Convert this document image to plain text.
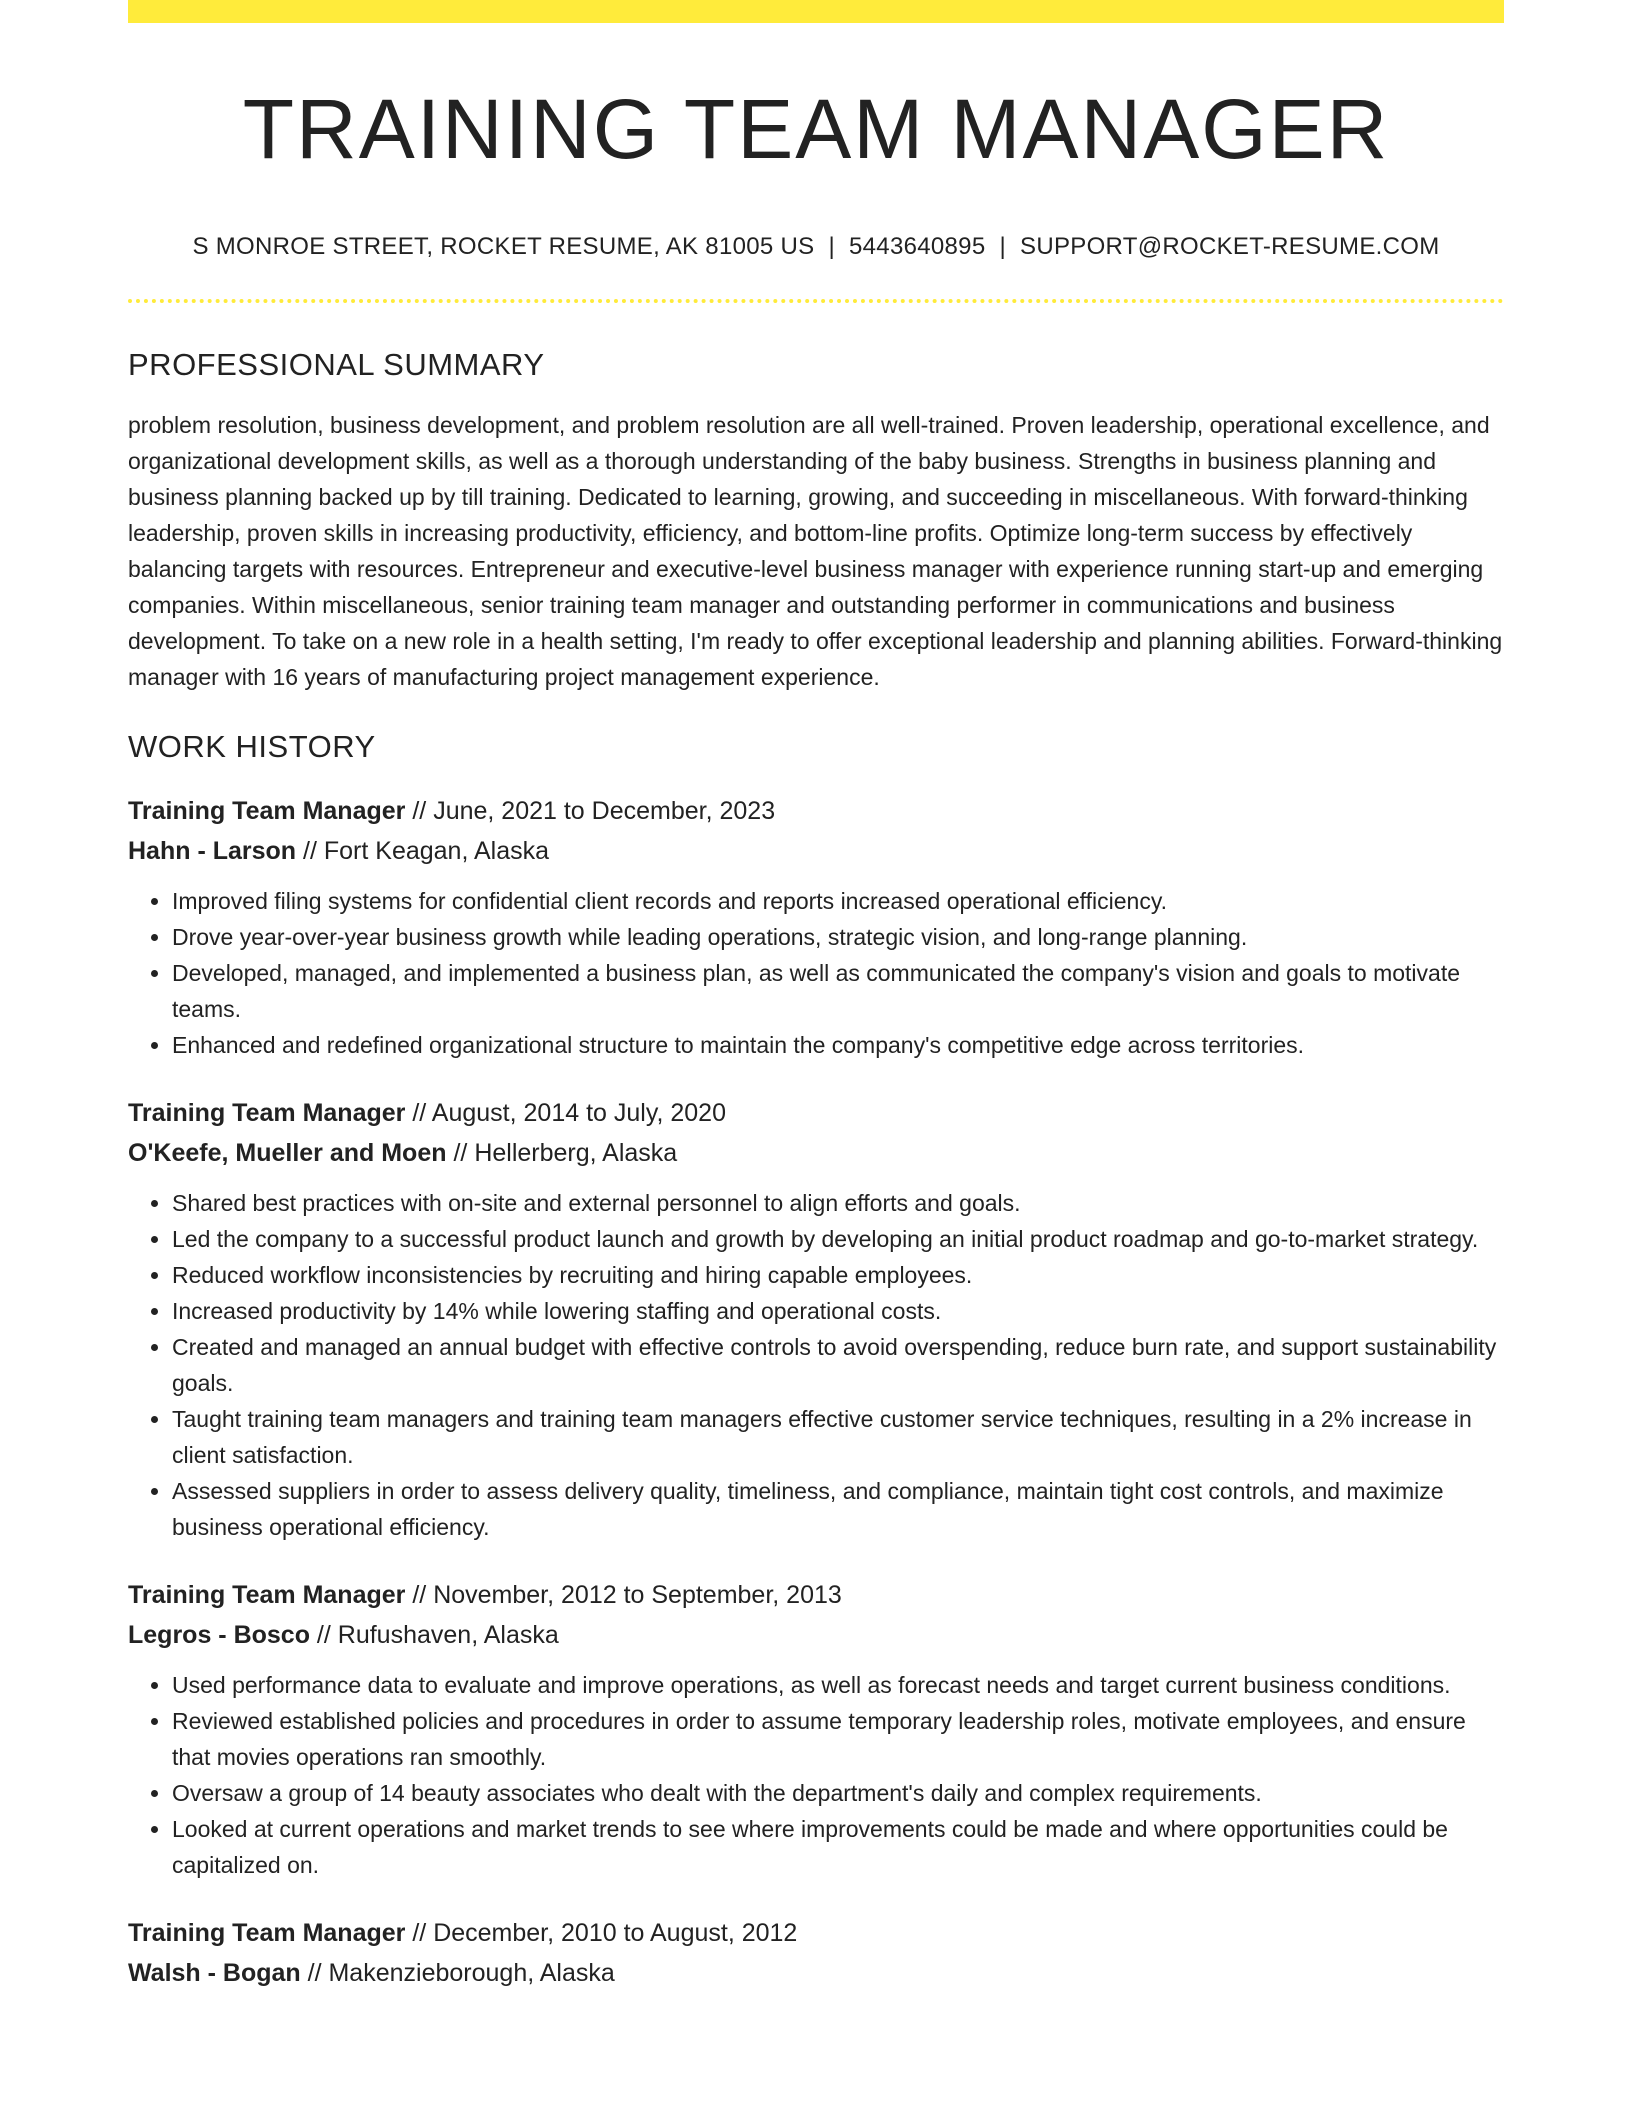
TRAINING TEAM MANAGER
S MONROE STREET, ROCKET RESUME, AK 81005 US | 5443640895 | SUPPORT@ROCKET-RESUME.COM
PROFESSIONAL SUMMARY

problem resolution, business development, and problem resolution are all well-trained. Proven leadership, operational excellence, and organizational development skills, as well as a thorough understanding of the baby business. Strengths in business planning and business planning backed up by till training. Dedicated to learning, growing, and succeeding in miscellaneous. With forward-thinking leadership, proven skills in increasing productivity, efficiency, and bottom-line profits. Optimize long-term success by effectively balancing targets with resources. Entrepreneur and executive-level business manager with experience running start-up and emerging companies. Within miscellaneous, senior training team manager and outstanding performer in communications and business development. To take on a new role in a health setting, I'm ready to offer exceptional leadership and planning abilities. Forward-thinking manager with 16 years of manufacturing project management experience.

WORK HISTORY
Training Team Manager // June, 2021 to December, 2023
Hahn - Larson // Fort Keagan, Alaska
• Improved filing systems for confidential client records and reports increased operational efficiency.
• Drove year-over-year business growth while leading operations, strategic vision, and long-range planning.
• Developed, managed, and implemented a business plan, as well as communicated the company's vision and goals to motivate teams.
• Enhanced and redefined organizational structure to maintain the company's competitive edge across territories.
Training Team Manager // August, 2014 to July, 2020
O'Keefe, Mueller and Moen // Hellerberg, Alaska
• Shared best practices with on-site and external personnel to align efforts and goals.
• Led the company to a successful product launch and growth by developing an initial product roadmap and go-to-market strategy.
• Reduced workflow inconsistencies by recruiting and hiring capable employees.
• Increased productivity by 14% while lowering staffing and operational costs.
• Created and managed an annual budget with effective controls to avoid overspending, reduce burn rate, and support sustainability goals.
• Taught training team managers and training team managers effective customer service techniques, resulting in a 2% increase in client satisfaction.
• Assessed suppliers in order to assess delivery quality, timeliness, and compliance, maintain tight cost controls, and maximize business operational efficiency.
Training Team Manager // November, 2012 to September, 2013
Legros - Bosco // Rufushaven, Alaska
• Used performance data to evaluate and improve operations, as well as forecast needs and target current business conditions.
• Reviewed established policies and procedures in order to assume temporary leadership roles, motivate employees, and ensure that movies operations ran smoothly.
• Oversaw a group of 14 beauty associates who dealt with the department's daily and complex requirements.
• Looked at current operations and market trends to see where improvements could be made and where opportunities could be capitalized on.
Training Team Manager // December, 2010 to August, 2012
Walsh - Bogan // Makenzieborough, Alaska
